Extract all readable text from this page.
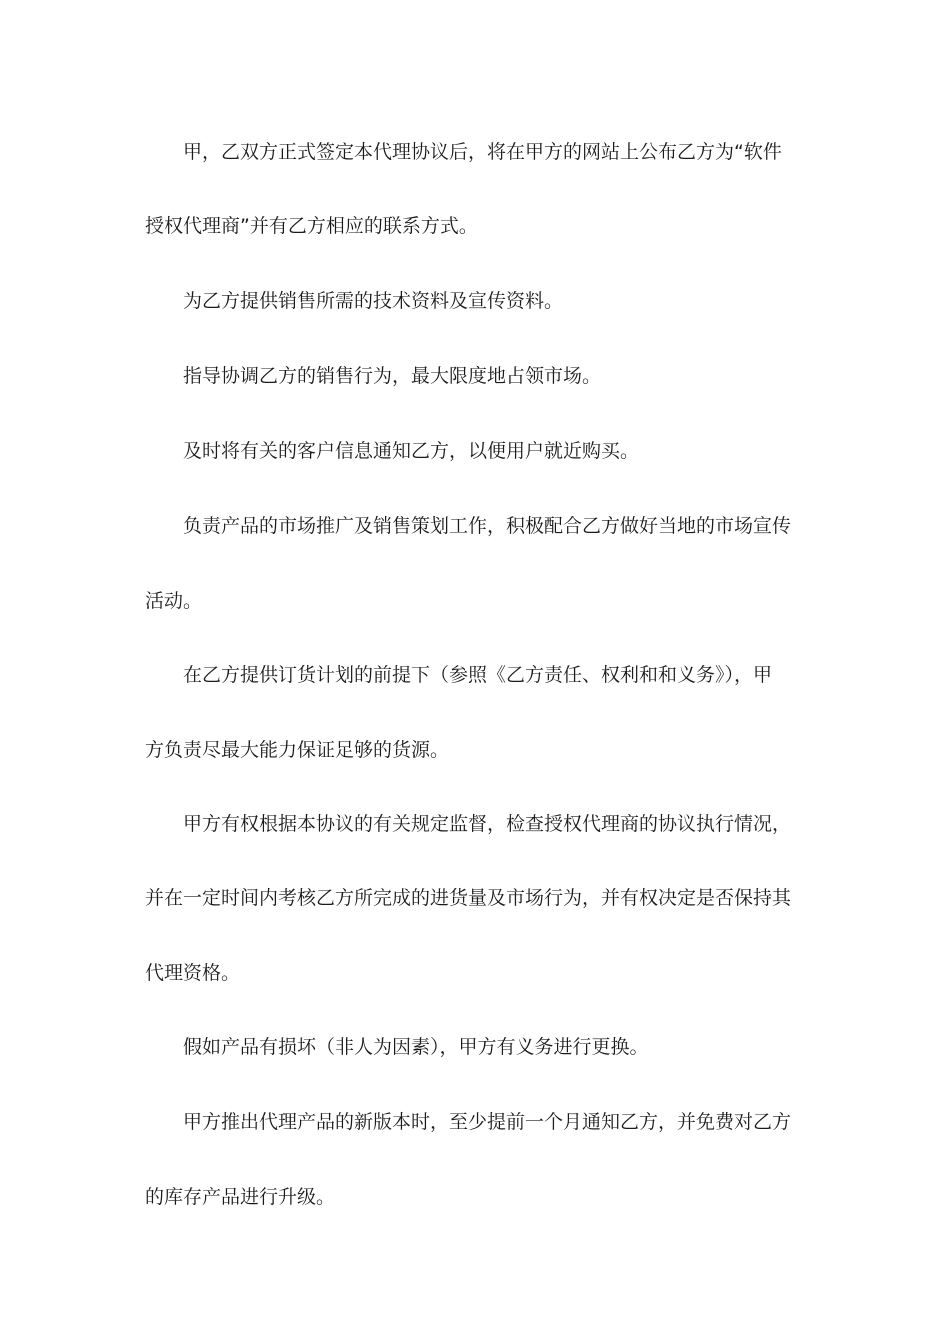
甲，乙双方正式签定本代理协议后，将在甲方的网站上公布乙方为“软件
授权代理商”并有乙方相应的联系方式。
为乙方提供销售所需的技术资料及宣传资料。
指导协调乙方的销售行为，最大限度地占领市场。
及时将有关的客户信息通知乙方，以便用户就近购买。
负责产品的市场推广及销售策划工作，积极配合乙方做好当地的市场宣传
活动。
在乙方提供订货计划的前提下（参照《乙方责任、权利和和义务》），甲
方负责尽最大能力保证足够的货源。
甲方有权根据本协议的有关规定监督，检查授权代理商的协议执行情况，
并在一定时间内考核乙方所完成的进货量及市场行为，并有权决定是否保持其
代理资格。
假如产品有损坏（非人为因素），甲方有义务进行更换。
甲方推出代理产品的新版本时，至少提前一个月通知乙方，并免费对乙方
的库存产品进行升级。
